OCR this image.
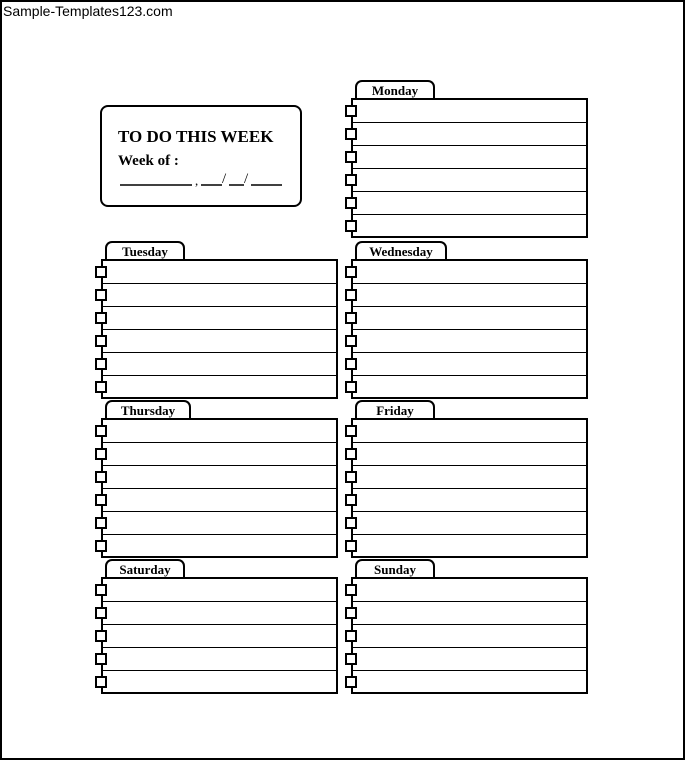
Sample-Templates123.com
TO DO THIS WEEK
Week of :
, / /
Monday
Tuesday	Wednesday
Thursday	Friday
Saturday	Sunday
